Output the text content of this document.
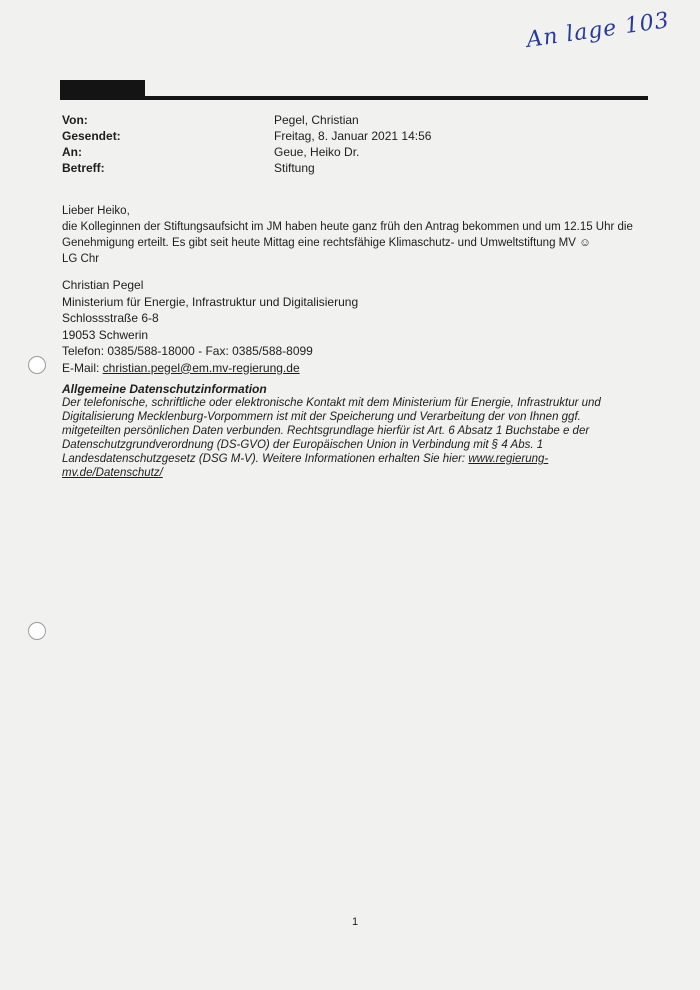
An lage 103
Von:	Pegel, Christian
Gesendet:	Freitag, 8. Januar 2021 14:56
An:	Geue, Heiko Dr.
Betreff:	Stiftung

Lieber Heiko,

die Kolleginnen der Stiftungsaufsicht im JM haben heute ganz früh den Antrag bekommen und um 12.15 Uhr die

Genehmigung erteilt. Es gibt seit heute Mittag eine rechtsfähige Klimaschutz- und Umweltstiftung MV ☺

LG Chr

Christian Pegel
Ministerium für Energie, Infrastruktur und Digitalisierung
Schlossstraße 6-8
19053 Schwerin
Telefon: 0385/588-18000 - Fax: 0385/588-8099
E-Mail: christian.pegel@em.mv-regierung.de
Allgemeine Datenschutzinformation
Der telefonische, schriftliche oder elektronische Kontakt mit dem Ministerium für Energie, Infrastruktur und
Digitalisierung Mecklenburg-Vorpommern ist mit der Speicherung und Verarbeitung der von Ihnen ggf.
mitgeteilten persönlichen Daten verbunden. Rechtsgrundlage hierfür ist Art. 6 Absatz 1 Buchstabe e der
Datenschutzgrundverordnung (DS-GVO) der Europäischen Union in Verbindung mit § 4 Abs. 1
Landesdatenschutzgesetz (DSG M-V). Weitere Informationen erhalten Sie hier: www.regierung-
mv.de/Datenschutz/
1
